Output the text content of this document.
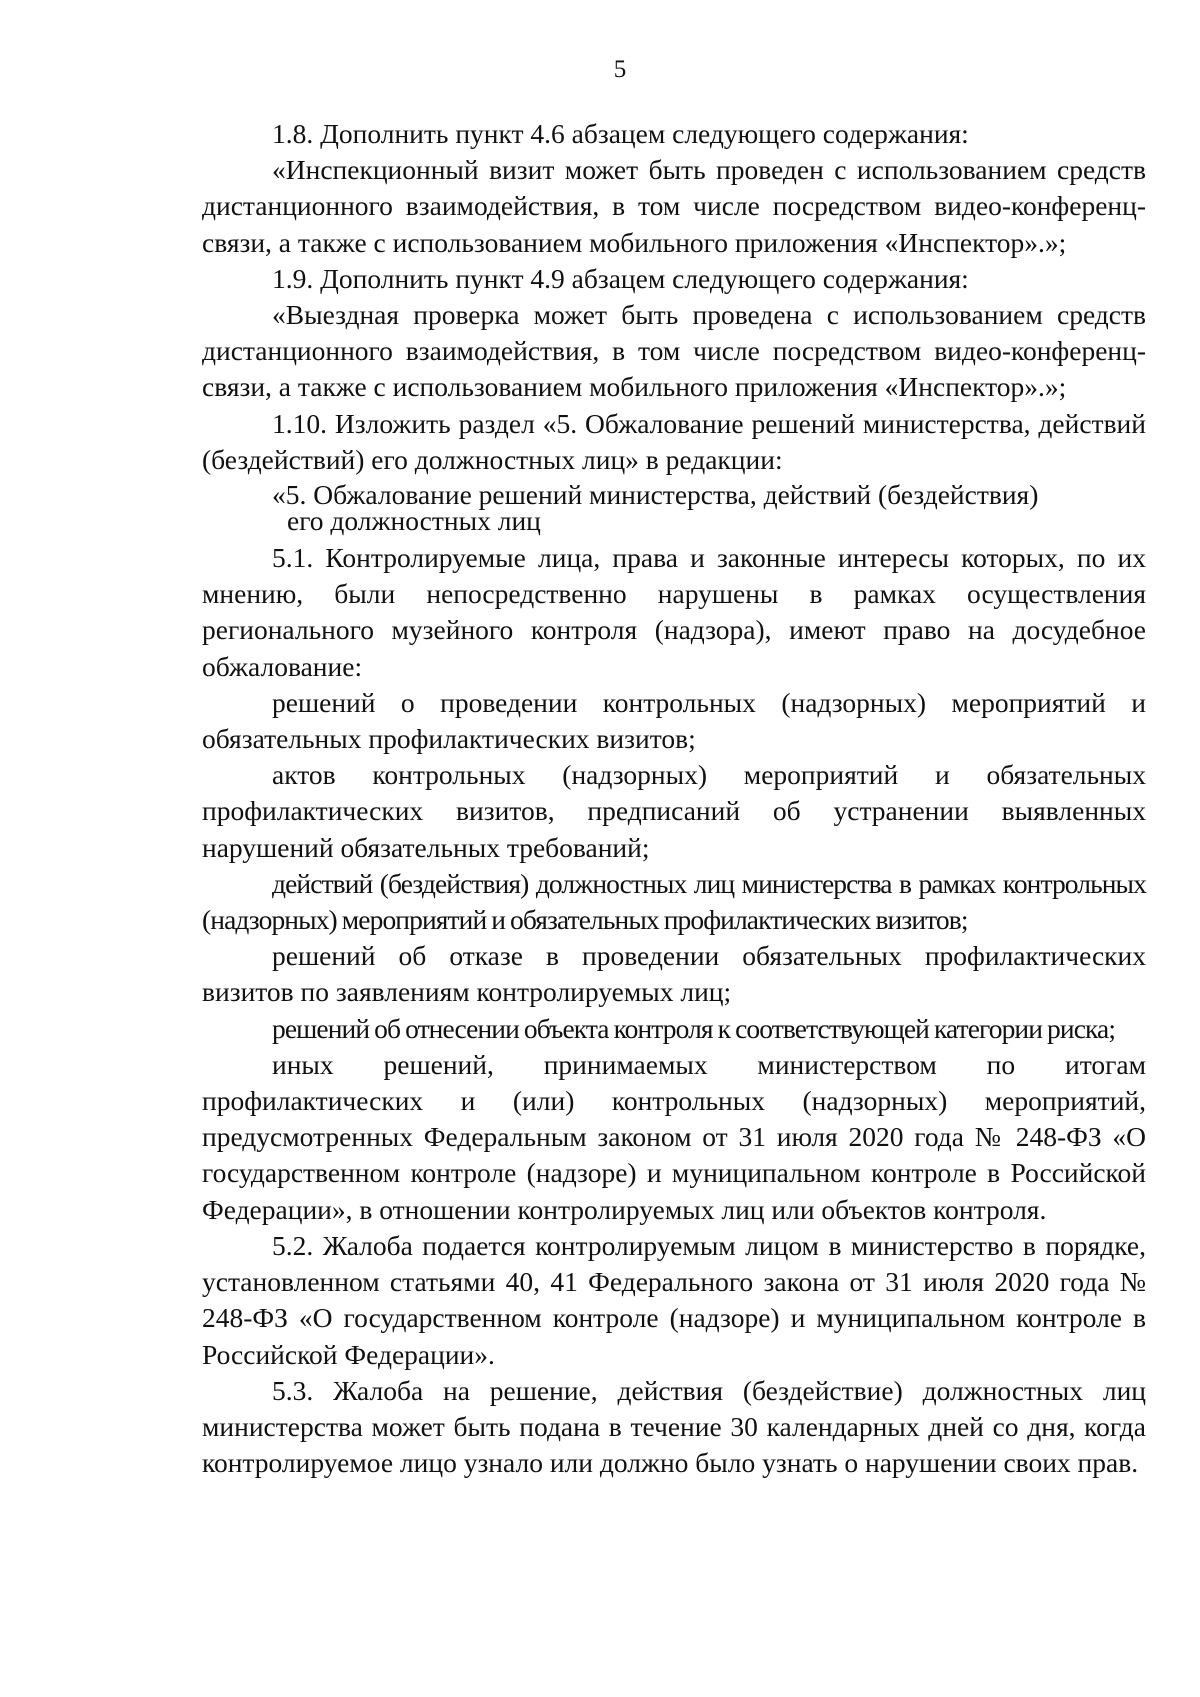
5

1.8. Дополнить пункт 4.6 абзацем следующего содержания:

«Инспекционный визит может быть проведен с использованием средств дистанционного взаимодействия, в том числе посредством видео-конференц-связи, а также с использованием мобильного приложения «Инспектор».»;

1.9. Дополнить пункт 4.9 абзацем следующего содержания:

«Выездная проверка может быть проведена с использованием средств дистанционного взаимодействия, в том числе посредством видео-конференц-связи, а также с использованием мобильного приложения «Инспектор».»;

1.10. Изложить раздел «5. Обжалование решений министерства, действий (бездействий) его должностных лиц» в редакции:

«5. Обжалование решений министерства, действий (бездействия)
его должностных лиц

5.1. Контролируемые лица, права и законные интересы которых, по их мнению, были непосредственно нарушены в рамках осуществления регионального музейного контроля (надзора), имеют право на досудебное обжалование:

решений о проведении контрольных (надзорных) мероприятий и обязательных профилактических визитов;

актов контрольных (надзорных) мероприятий и обязательных профилактических визитов, предписаний об устранении выявленных нарушений обязательных требований;

действий (бездействия) должностных лиц министерства в рамках контрольных (надзорных) мероприятий и обязательных профилактических визитов;

решений об отказе в проведении обязательных профилактических визитов по заявлениям контролируемых лиц;

решений об отнесении объекта контроля к соответствующей категории риска;

иных решений, принимаемых министерством по итогам профилактических и (или) контрольных (надзорных) мероприятий, предусмотренных Федеральным законом от 31 июля 2020 года № 248-ФЗ «О государственном контроле (надзоре) и муниципальном контроле в Российской Федерации», в отношении контролируемых лиц или объектов контроля.

5.2. Жалоба подается контролируемым лицом в министерство в порядке, установленном статьями 40, 41 Федерального закона от 31 июля 2020 года № 248-ФЗ «О государственном контроле (надзоре) и муниципальном контроле в Российской Федерации».

5.3. Жалоба на решение, действия (бездействие) должностных лиц министерства может быть подана в течение 30 календарных дней со дня, когда контролируемое лицо узнало или должно было узнать о нарушении своих прав.
